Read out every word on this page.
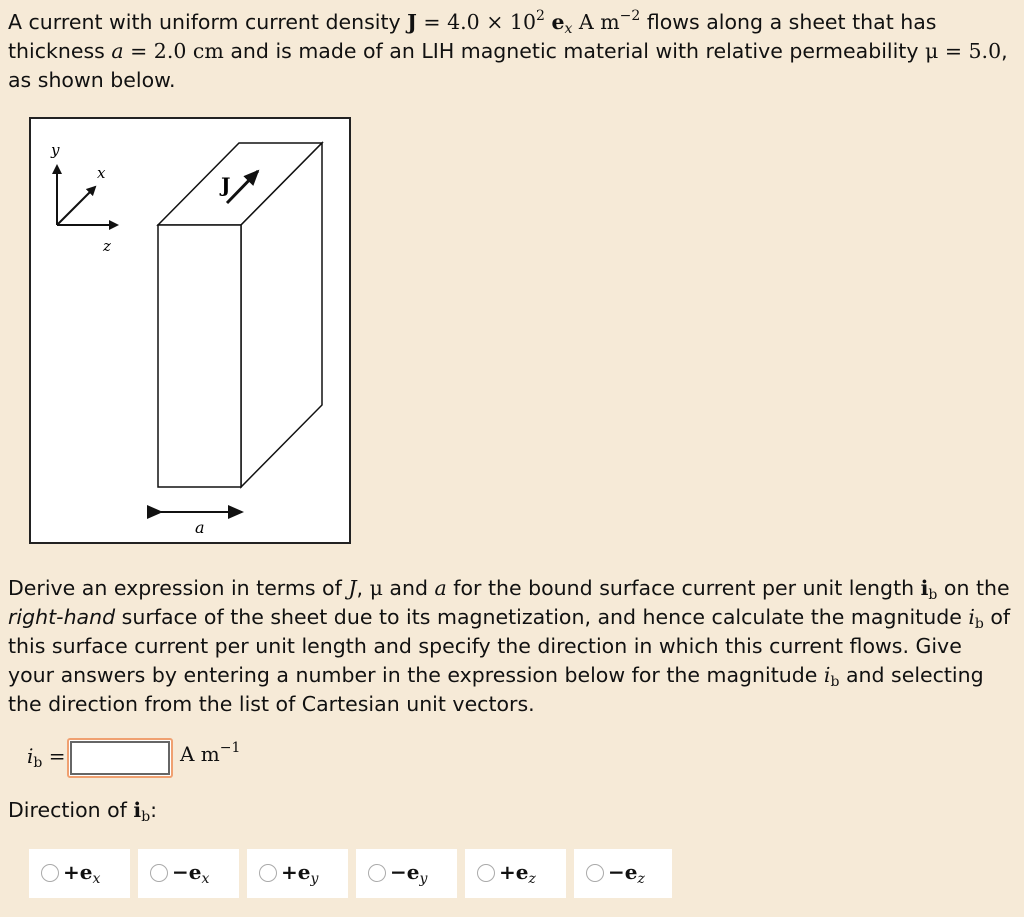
A current with uniform current density $J = 4.0 \times 10^2$ $e_x$ A $m^{-2}$ flows along a sheet that has thickness a = 2.0 cm and is made of an LIH magnetic material with relative permeability μ = 5.0, as shown below.
y
x
z
J
a
Derive an expression in terms of J, μ and a for the bound surface current per unit length $i_b$ on the right-hand surface of the sheet due to its magnetization, and hence calculate the magnitude $i_b$ of this surface current per unit length and specify the direction in which this current flows. Give your answers by entering a number in the expression below for the magnitude $i_b$ and selecting the direction from the list of Cartesian unit vectors.
$i_b$ =	A $m^{-1}$
Direction of $i_b$:
$+e_x$	$-e_x$	$+e_y$	$-e_y$	$+e_z$	$-e_z$
